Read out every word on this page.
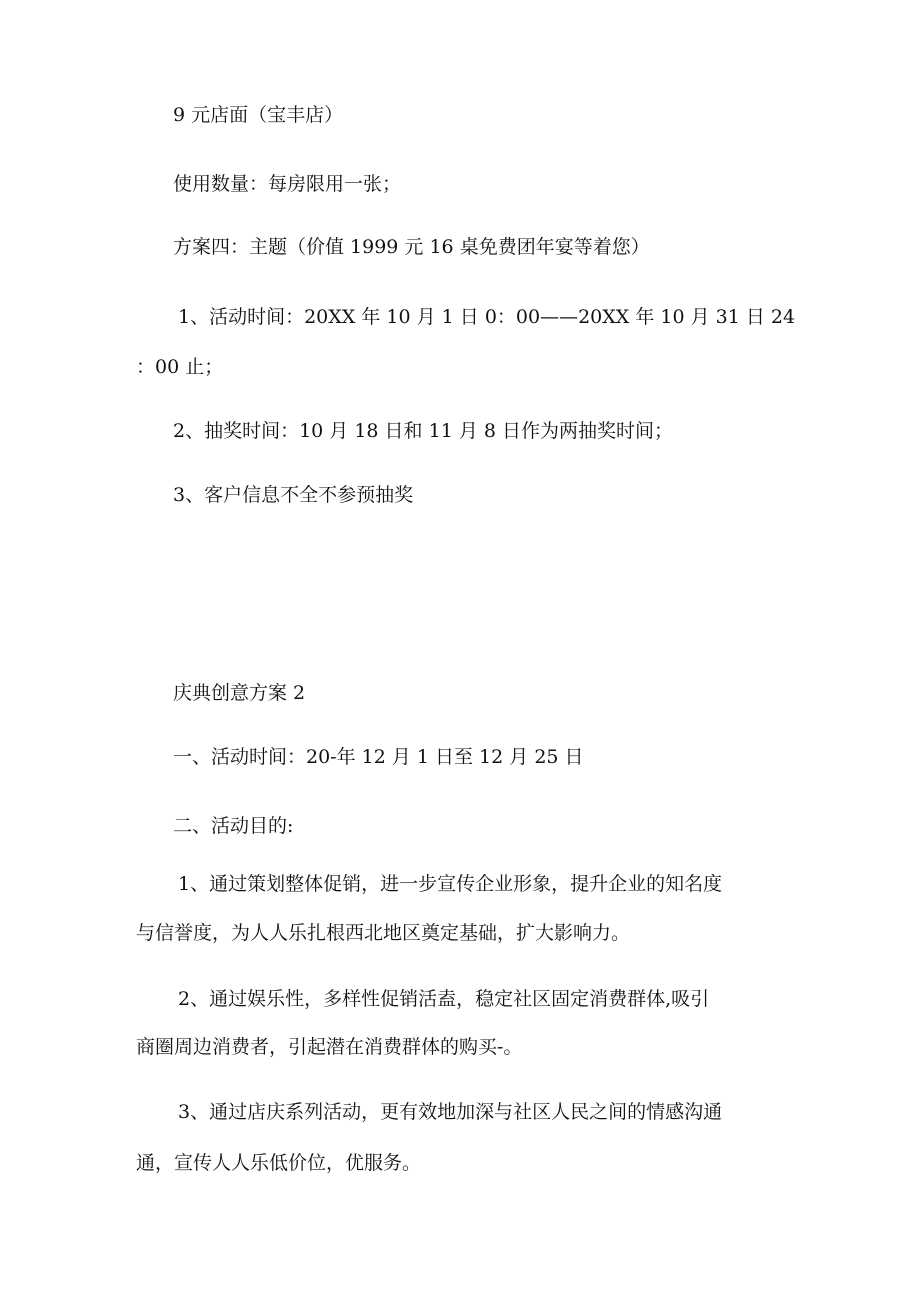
9 元店面（宝丰店）

使用数量：每房限用一张；

方案四：主题（价值 1999 元 16 桌免费团年宴等着您）

1、活动时间：20XX 年 10 月 1 日 0：00——20XX 年 10 月 31 日 24

：00 止；

2、抽奖时间：10 月 18 日和 11 月 8 日作为两抽奖时间；

3、客户信息不全不参预抽奖

庆典创意方案 2

一、活动时间：20-年 12 月 1 日至 12 月 25 日

二、活动目的:

1、通过策划整体促销，进一步宣传企业形象，提升企业的知名度

与信誉度，为人人乐扎根西北地区奠定基础，扩大影响力。

2、通过娱乐性，多样性促销活盍，稳定社区固定消费群体,吸引

商圈周边消费者，引起潜在消费群体的购买-。

3、通过店庆系列活动，更有效地加深与社区人民之间的情感沟通

通，宣传人人乐低价位，优服务。
